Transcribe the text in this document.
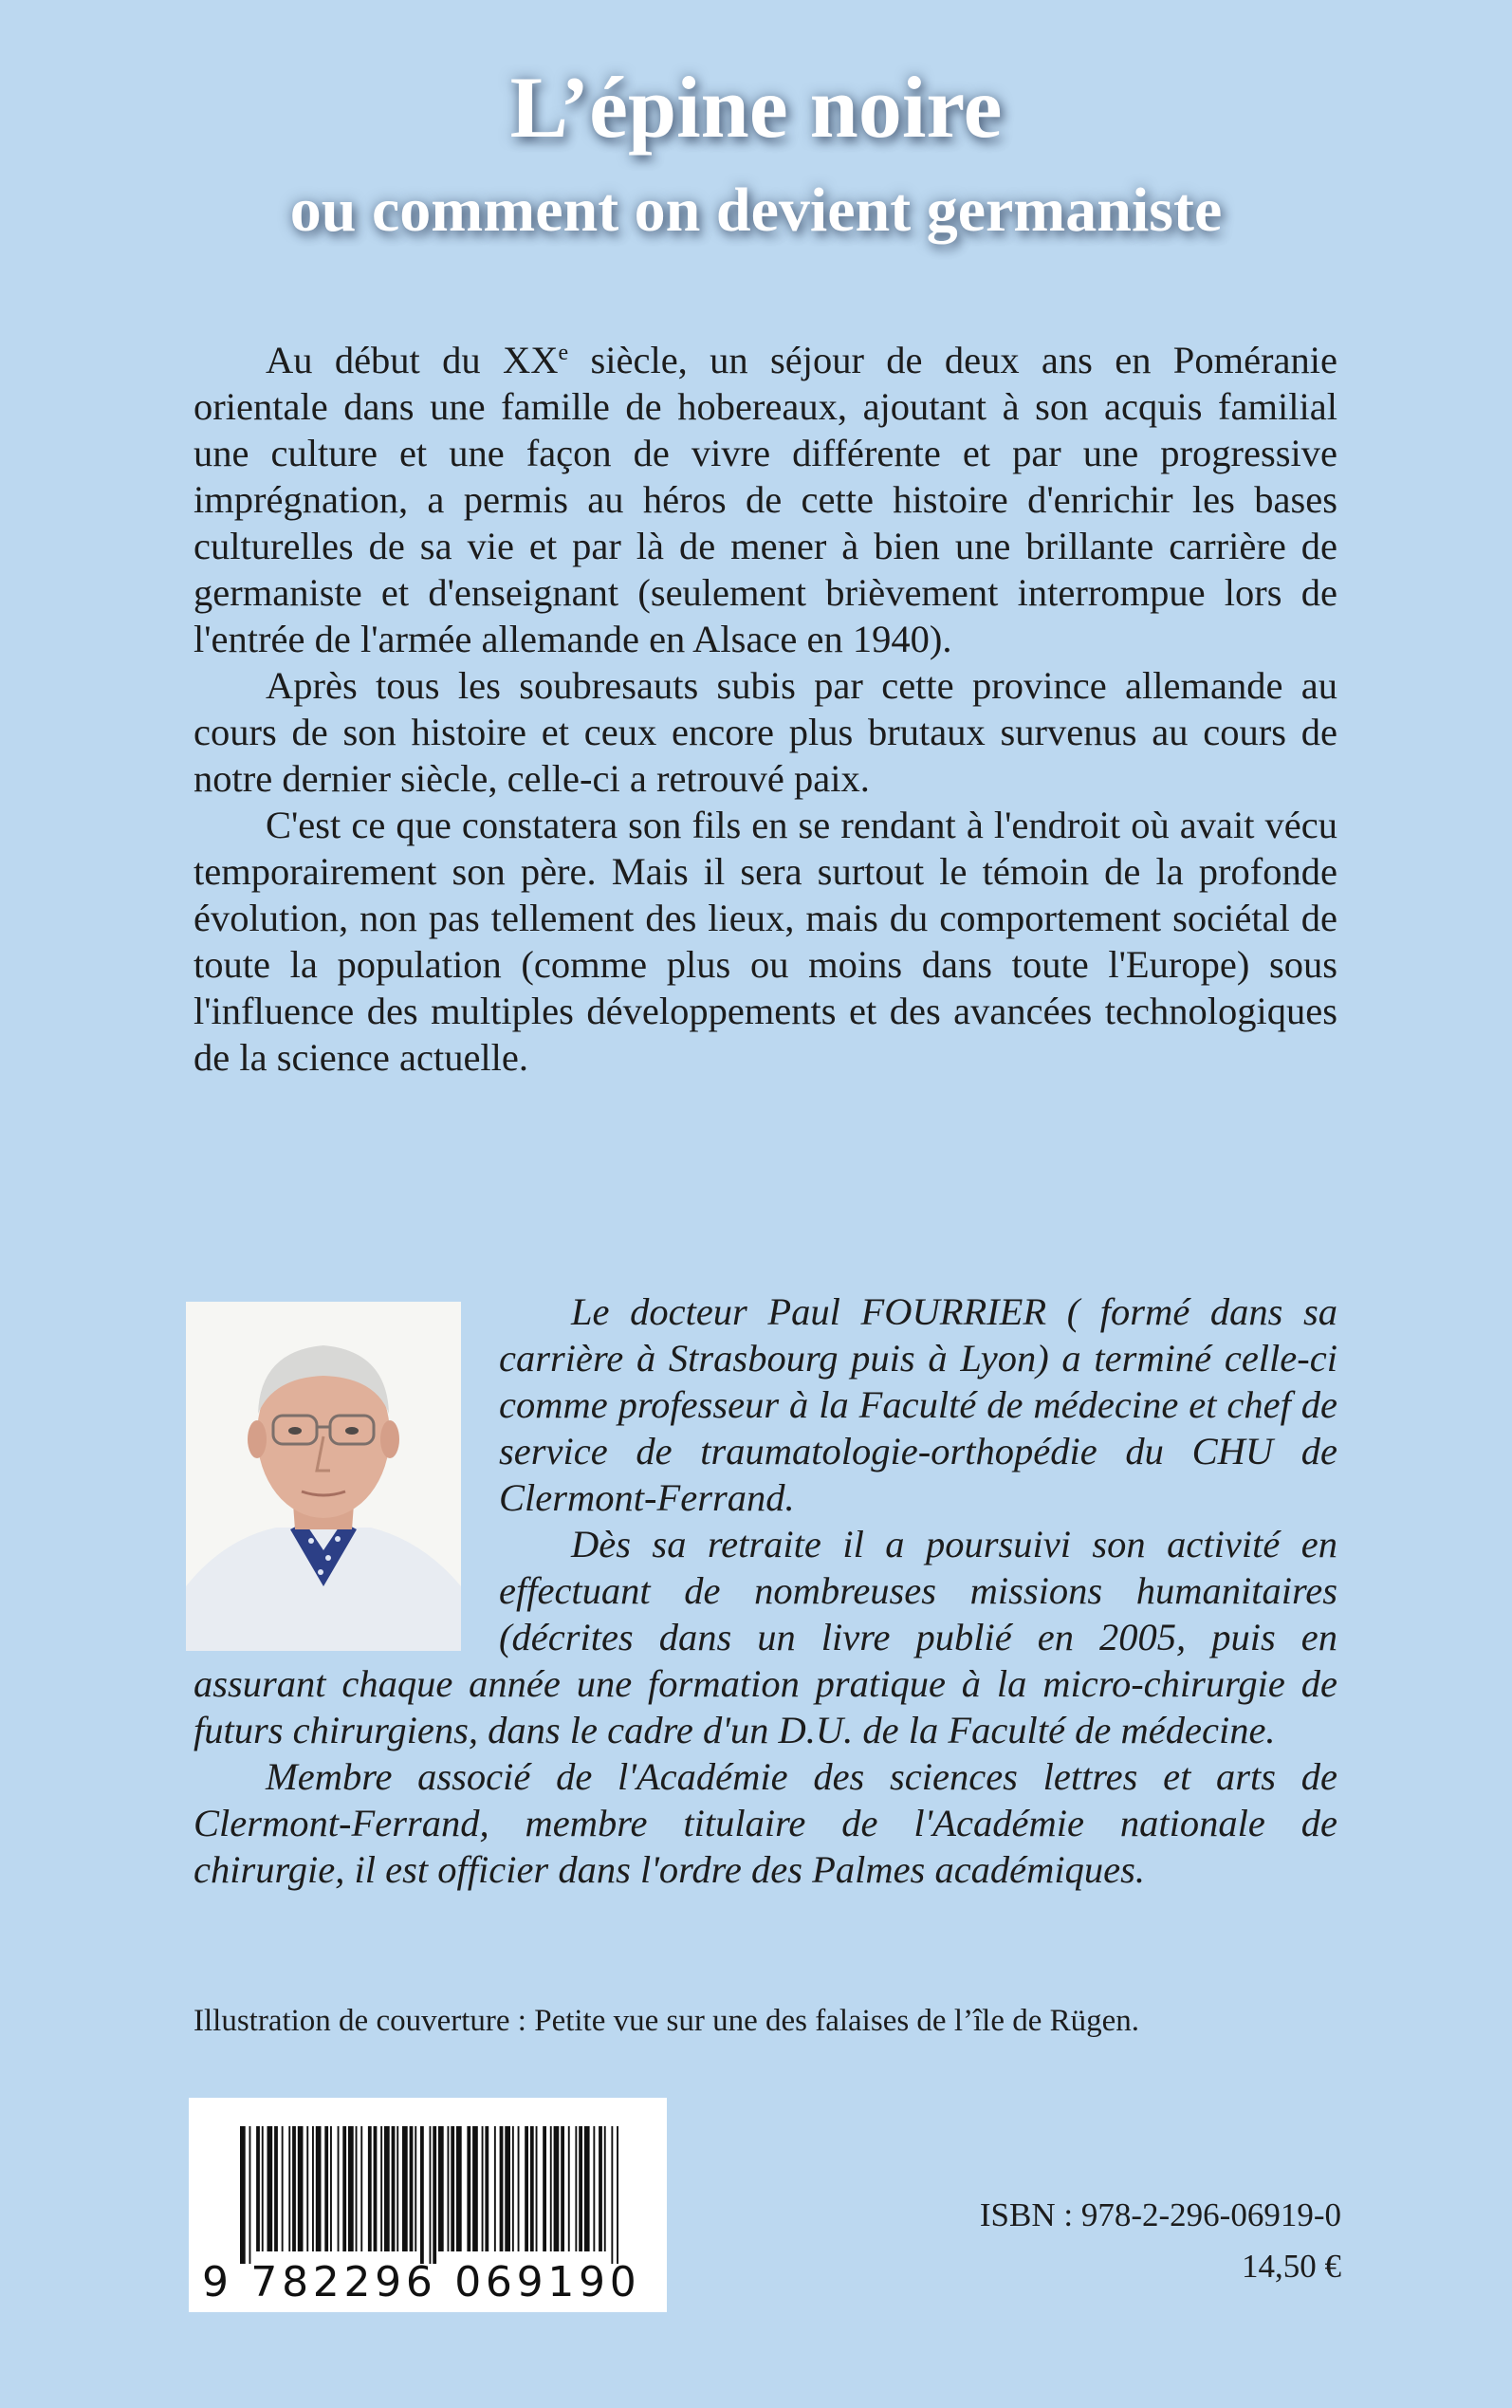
L’épine noire
ou comment on devient germaniste

Au début du XXe siècle, un séjour de deux ans en Poméranie orientale dans une famille de hobereaux, ajoutant à son acquis familial une culture et une façon de vivre différente et par une progressive imprégnation, a permis au héros de cette histoire d'enrichir les bases culturelles de sa vie et par là de mener à bien une brillante carrière de germaniste et d'enseignant (seulement brièvement interrompue lors de l'entrée de l'armée allemande en Alsace en 1940).

Après tous les soubresauts subis par cette province allemande au cours de son histoire et ceux encore plus brutaux survenus au cours de notre dernier siècle, celle-ci a retrouvé paix.

C'est ce que constatera son fils en se rendant à l'endroit où avait vécu temporairement son père. Mais il sera surtout le témoin de la profonde évolution, non pas tellement des lieux, mais du comportement sociétal de toute la population (comme plus ou moins dans toute l'Europe) sous l'influence des multiples développements et des avancées technologiques de la science actuelle.

Le docteur Paul FOURRIER ( formé dans sa carrière à Strasbourg puis à Lyon) a terminé celle-ci comme professeur à la Faculté de médecine et chef de service de traumatologie-orthopédie du CHU de Clermont-Ferrand.

Dès sa retraite il a poursuivi son activité en effectuant de nombreuses missions humanitaires (décrites dans un livre publié en 2005, puis en assurant chaque année une formation pratique à la micro-chirurgie de futurs chirurgiens, dans le cadre d'un D.U. de la Faculté de médecine.

Membre associé de l'Académie des sciences lettres et arts de Clermont-Ferrand, membre titulaire de l'Académie nationale de chirurgie, il est officier dans l'ordre des Palmes académiques.

Illustration de couverture : Petite vue sur une des falaises de l’île de Rügen.
9 782296 069190
ISBN : 978-2-296-06919-0
14,50 €
